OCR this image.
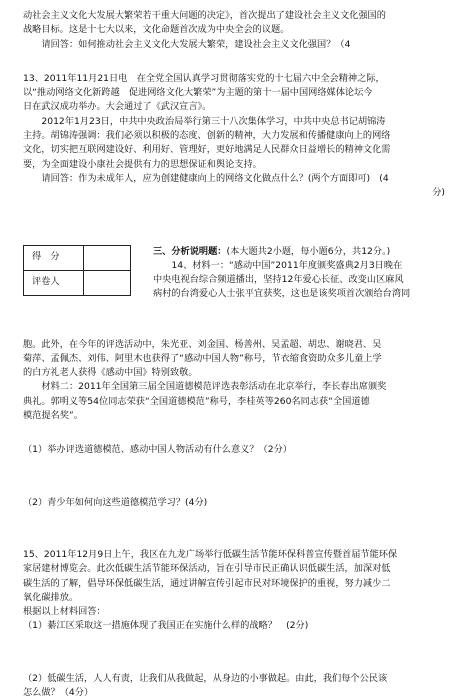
动社会主义文化大发展大繁荣若干重大问题的决定》，首次提出了建设社会主义文化强国的

战略目标。这是十七大以来，文化命题首次成为中央全会的议题。

请回答：如何推动社会主义文化大发展大繁荣，建设社会主义文化强国？（4

13、2011年11月21日电　在全党全国认真学习贯彻落实党的十七届六中全会精神之际，

以“推动网络文化新跨越　促进网络文化大繁荣”为主题的第十一届中国网络媒体论坛今

日在武汉成功举办。大会通过了《武汉宣言》。

2012年1月23日，中共中央政治局举行第三十八次集体学习，中共中央总书记胡锦涛

主持。胡锦涛强调：我们必须以积极的态度、创新的精神，大力发展和传播健康向上的网络

文化，切实把互联网建设好、利用好、管理好，更好地满足人民群众日益增长的精神文化需

要，为全面建设小康社会提供有力的思想保证和舆论支持。

请回答：作为未成年人，应为创建健康向上的网络文化做点什么？(两个方面即可)　(4

分)

得　分	
评卷人	

三、分析说明题：(本大题共2小题，每小题6分，共12分。)

14、材料一：“感动中国”2011年度颁奖盛典2月3日晚在

中央电视台综合频道播出，坚持12年爱心长征、改变山区麻风

病村的台湾爱心人士张平宜获奖，这也是该奖项首次颁给台湾同

胞。此外，在今年的评选活动中，朱光亚、刘金国、杨善州、吴孟超、胡忠、谢晓君、吴

菊萍、孟佩杰、刘伟、阿里木也获得了“感动中国人物”称号，节衣缩食资助众多儿童上学

的白方礼老人获得《感动中国》特别致敬。

材料二：2011年全国第三届全国道德模范评选表彰活动在北京举行，李长春出席颁奖

典礼。郭明义等54位同志荣获“全国道德模范”称号，李桂英等260名同志获“全国道德

模范提名奖”。

（1）举办评选道德模范、感动中国人物活动有什么意义？（2分）

（2）青少年如何向这些道德模范学习？(4分)

15、2011年12月9日上午，我区在九龙广场举行低碳生活节能环保科普宣传暨首届节能环保

家居建材博览会。此次低碳生活节能环保活动，旨在引导市民正确认识低碳生活，加深对低

碳生活的了解，倡导环保低碳生活，通过讲解宣传引起市民对环境保护的重视，努力减少二

氧化碳排放。

根据以上材料回答：

（1）綦江区采取这一措施体现了我国正在实施什么样的战略？　(2分)

（2）低碳生活，人人有责，让我们从我做起，从身边的小事做起。由此，我们每个公民该

怎么做？（4分）
